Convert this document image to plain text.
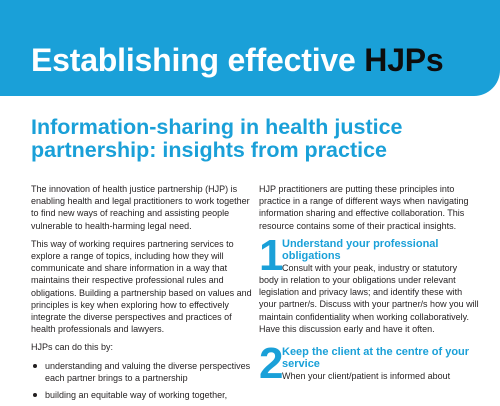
Establishing effective HJPs
Information-sharing in health justice partnership: insights from practice

The innovation of health justice partnership (HJP) is enabling health and legal practitioners to work together to find new ways of reaching and assisting people vulnerable to health-harming legal need.

This way of working requires partnering services to explore a range of topics, including how they will communicate and share information in a way that maintains their respective professional rules and obligations. Building a partnership based on values and principles is key when exploring how to effectively integrate the diverse perspectives and practices of health professionals and lawyers.

HJPs can do this by:

understanding and valuing the diverse perspectives each partner brings to a partnership
building an equitable way of working together,

HJP practitioners are putting these principles into practice in a range of different ways when navigating information sharing and effective collaboration. This resource contains some of their practical insights.

1

Understand your professional obligations

Consult with your peak, industry or statutory

body in relation to your obligations under relevant legislation and privacy laws; and identify these with your partner/s. Discuss with your partner/s how you will maintain confidentiality when working collaboratively. Have this discussion early and have it often.

2

Keep the client at the centre of your service

When your client/patient is informed about
